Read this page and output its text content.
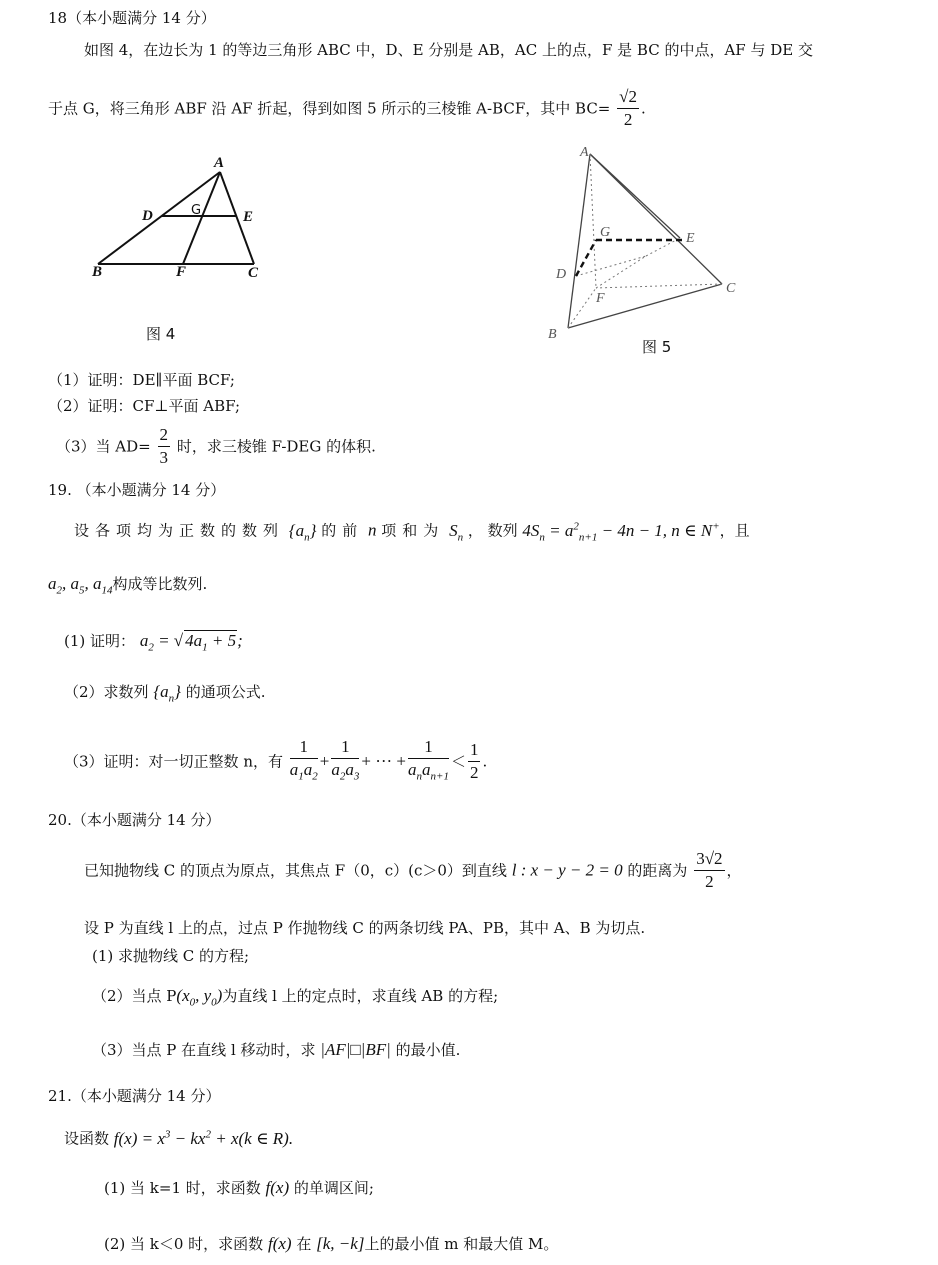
18（本小题满分 14 分）
如图 4，在边长为 1 的等边三角形 ABC 中，D、E 分别是 AB，AC 上的点，F 是 BC 的中点，AF 与 DE 交
于点 G，将三角形 ABF 沿 AF 折起，得到如图 5 所示的三棱锥 A-BCF，其中 $BC= \frac{√2}{2}$ .
A
B	C
D	E
F
G
图 4
A
B
C
D
E
F
G
图 5
（1）证明：DE∥平面 BCF;
（2）证明：CF⊥平面 ABF;
（3）当 $AD= \frac{2}{3}$ 时，求三棱锥 F-DEG 的体积.
19. （本小题满分 14 分）
设各项均为正数的数列 $\{a_n\}$ 的前 n 项和为 $S_n$ ， 数列 $4S_n = a^2_{n+1} - 4n - 1$, n ∈ N+，且
$a_2$, $a_5$, $a_{14}$构成等比数列.
(1) 证明： $a_2$ = √ $4a_1 + 5$;
（2）求数列 $\{a_n\}$ 的通项公式.
（3）证明：对一切正整数 n，有 $\frac{1}{a_1a_2} + \frac{1}{a_2a_3}$ + ··· + $\frac{1}{a_na_{n+1}} < \frac{1}{2}$ .
20.（本小题满分 14 分）
已知抛物线 C 的顶点为原点，其焦点 F（0，c）(c＞0）到直线 l : x − y − 2 = 0 的距离为 $\frac{3√2}{2}$ ，
设 P 为直线 l 上的点，过点 P 作抛物线 C 的两条切线 PA、PB，其中 A、B 为切点.
(1) 求抛物线 C 的方程;
（2）当点 $P(x_0$, $y_0$)为直线 l 上的定点时，求直线 AB 的方程;
（3）当点 P 在直线 l 移动时，求 |AF|□|BF| 的最小值.
21.（本小题满分 14 分）
设函数 $f(x) = x^3 - kx^2 + x(k$ ∈ R).
(1) 当 k=1 时，求函数 f(x) 的单调区间;
(2) 当 k＜0 时，求函数 f(x) 在 [k, −k]上的最小值 m 和最大值 M。
